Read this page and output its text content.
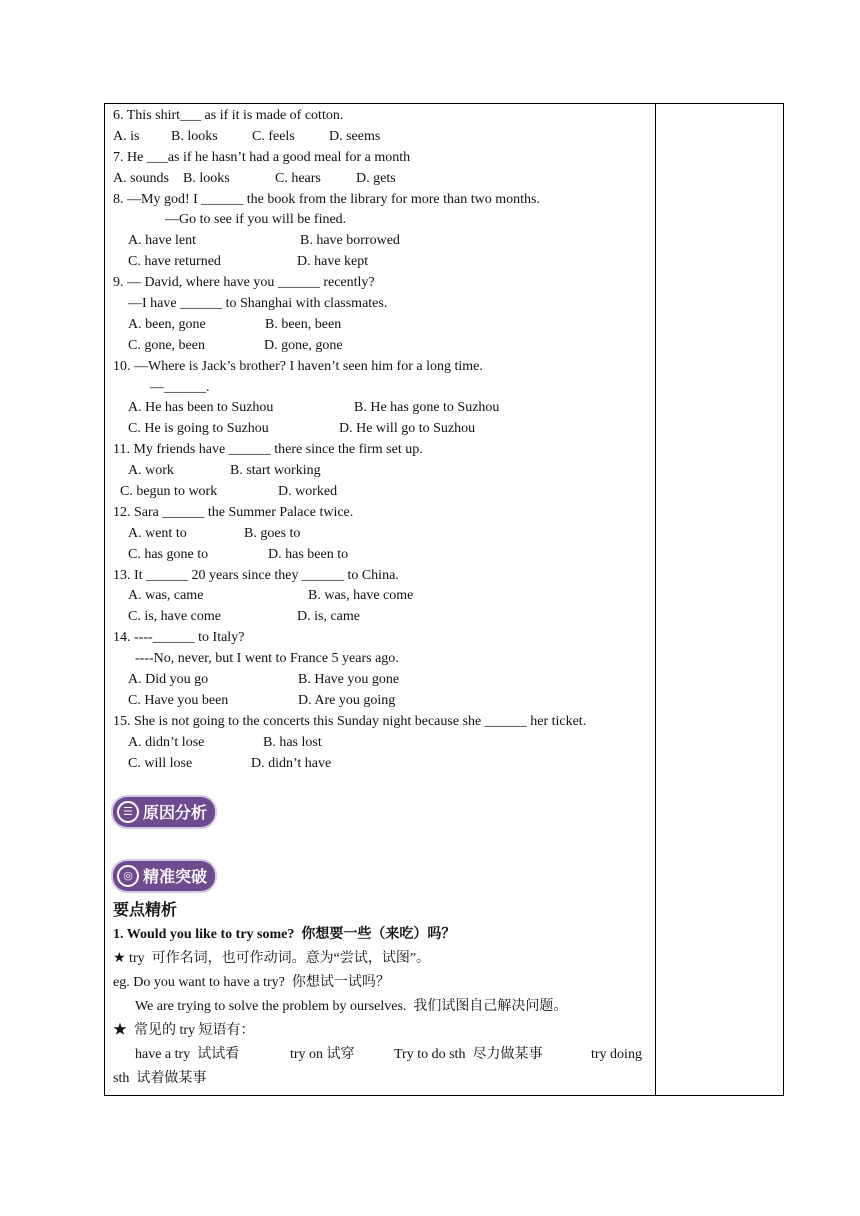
6. This shirt___ as if it is made of cotton.
A. is B. looks C. feels D. seems
7. He ___as if he hasn’t had a good meal for a month
A. sounds B. looks	C. hears	D. gets
8. —My god! I ______ the book from the library for more than two months.
—Go to see if you will be fined.
A. have lent	B. have borrowed
C. have returned	D. have kept
9. — David, where have you ______ recently?
—I have ______ to Shanghai with classmates.
A. been, gone	B. been, been
C. gone, been	D. gone, gone
10. —Where is Jack’s brother? I haven’t seen him for a long time.
—______.
A. He has been to Suzhou	B. He has gone to Suzhou
C. He is going to Suzhou	D. He will go to Suzhou
11. My friends have ______ there since the firm set up.
A. work	B. start working
C. begun to work	D. worked
12. Sara ______ the Summer Palace twice.
A. went to	B. goes to
C. has gone to	D. has been to
13. It ______ 20 years since they ______ to China.
A. was, came	B. was, have come
C. is, have come	D. is, came
14. ----______ to Italy?
----No, never, but I went to France 5 years ago.
A. Did you go	B. Have you gone
C. Have you been	D. Are you going
15. She is not going to the concerts this Sunday night because she ______ her ticket.
A. didn’t lose	B. has lost
C. will lose	D. didn’t have
☰ 原因分析
◎ 精准突破
要点精析
1. Would you like to try some?  你想要一些（来吃）吗？
★ try  可作名词，也可作动词。意为“尝试，试图”。
eg. Do you want to have a try?  你想试一试吗？
We are trying to solve the problem by ourselves.  我们试图自己解决问题。
★  常见的 try 短语有：
have a try  试试看	try on 试穿	Try to do sth  尽力做某事	try doing
sth  试着做某事
